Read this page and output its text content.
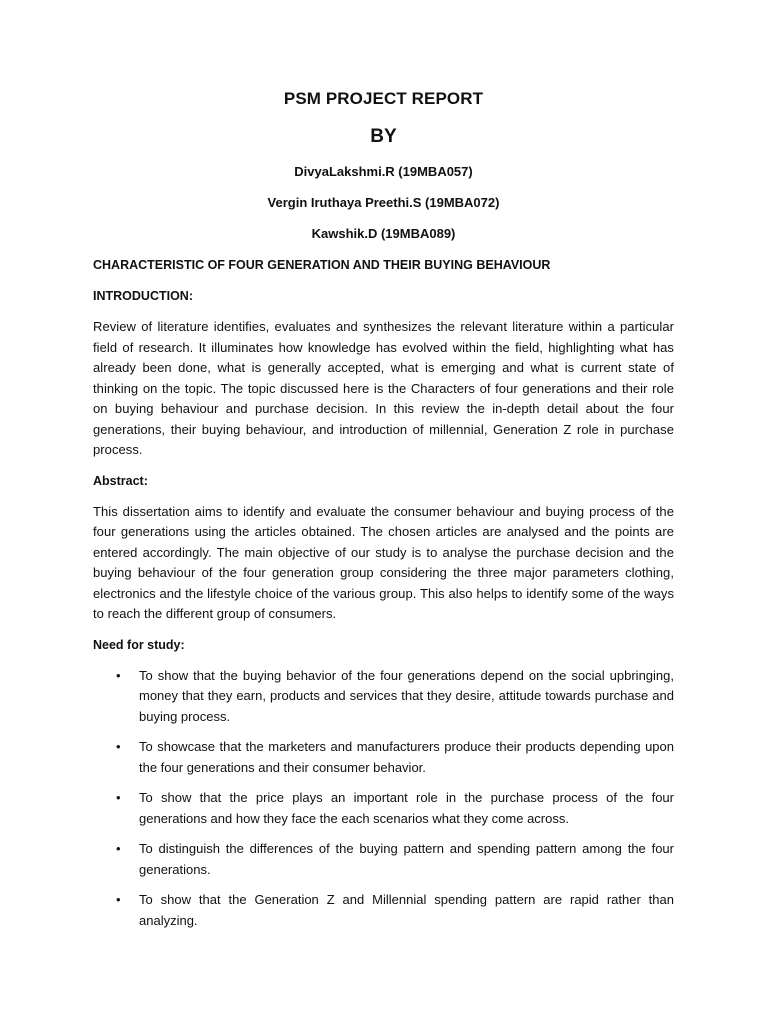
PSM PROJECT REPORT
BY
DivyaLakshmi.R (19MBA057)
Vergin Iruthaya Preethi.S (19MBA072)
Kawshik.D (19MBA089)
CHARACTERISTIC OF FOUR GENERATION AND THEIR BUYING BEHAVIOUR
INTRODUCTION:

Review of literature identifies, evaluates and synthesizes the relevant literature within a particular field of research. It illuminates how knowledge has evolved within the field, highlighting what has already been done, what is generally accepted, what is emerging and what is current state of thinking on the topic. The topic discussed here is the Characters of four generations and their role on buying behaviour and purchase decision. In this review the in-depth detail about the four generations, their buying behaviour, and introduction of millennial, Generation Z role in purchase process.

Abstract:

This dissertation aims to identify and evaluate the consumer behaviour and buying process of the four generations using the articles obtained. The chosen articles are analysed and the points are entered accordingly. The main objective of our study is to analyse the purchase decision and the buying behaviour of the four generation group considering the three major parameters clothing, electronics and the lifestyle choice of the various group. This also helps to identify some of the ways to reach the different group of consumers.

Need for study:
• To show that the buying behavior of the four generations depend on the social upbringing, money that they earn, products and services that they desire, attitude towards purchase and buying process.
• To showcase that the marketers and manufacturers produce their products depending upon the four generations and their consumer behavior.
• To show that the price plays an important role in the purchase process of the four generations and how they face the each scenarios what they come across.
• To distinguish the differences of the buying pattern and spending pattern among the four generations.
• To show that the Generation Z and Millennial spending pattern are rapid rather than analyzing.
